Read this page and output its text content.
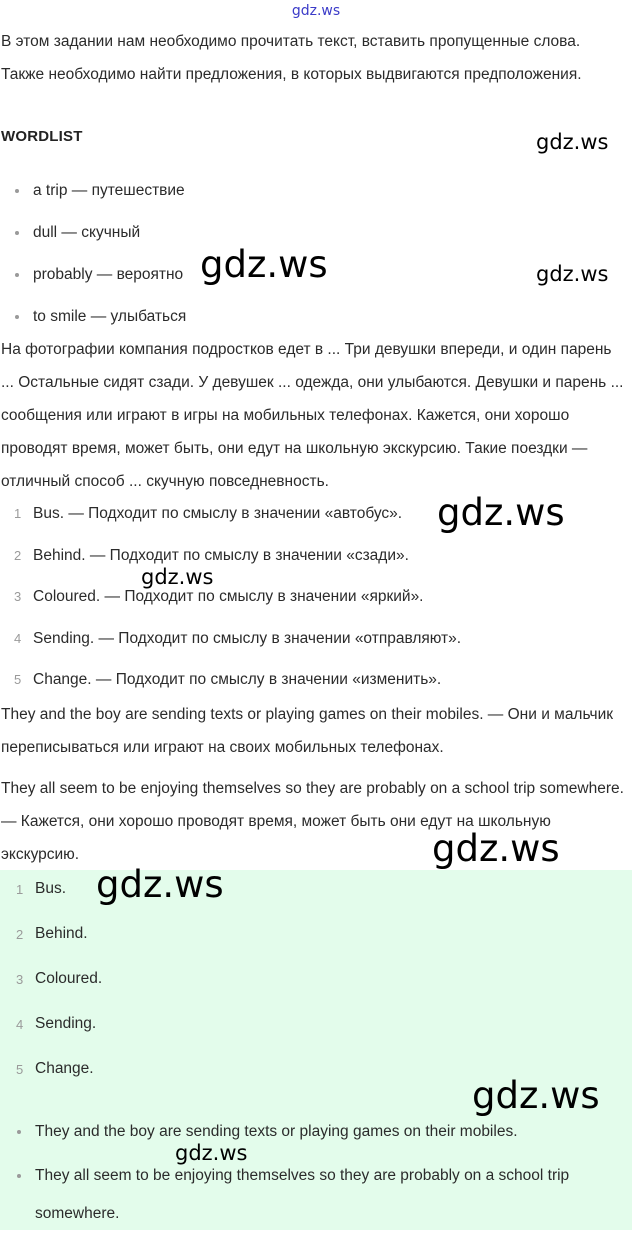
gdz.ws

В этом задании нам необходимо прочитать текст, вставить пропущенные слова. Также необходимо найти предложения, в которых выдвигаются предположения.

WORDLIST
a trip — путешествие
dull — скучный
probably — вероятно
to smile — улыбаться

На фотографии компания подростков едет в ... Три девушки впереди, и один парень ... Остальные сидят сзади. У девушек ... одежда, они улыбаются. Девушки и парень ... сообщения или играют в игры на мобильных телефонах. Кажется, они хорошо проводят время, может быть, они едут на школьную экскурсию. Такие поездки — отличный способ ... скучную повседневность.

1 Bus. — Подходит по смыслу в значении «автобус».
2 Behind. — Подходит по смыслу в значении «сзади».
3 Coloured. — Подходит по смыслу в значении «яркий».
4 Sending. — Подходит по смыслу в значении «отправляют».
5 Change. — Подходит по смыслу в значении «изменить».

They and the boy are sending texts or playing games on their mobiles. — Они и мальчик переписываться или играют на своих мобильных телефонах.

They all seem to be enjoying themselves so they are probably on a school trip somewhere. — Кажется, они хорошо проводят время, может быть они едут на школьную экскурсию.

1 Bus.
2 Behind.
3 Coloured.
4 Sending.
5 Change.
They and the boy are sending texts or playing games on their mobiles.
They all seem to be enjoying themselves so they are probably on a school trip somewhere.
gdz.ws
gdz.ws	gdz.ws
gdz.ws
gdz.ws
gdz.ws
gdz.ws
gdz.ws
gdz.ws
